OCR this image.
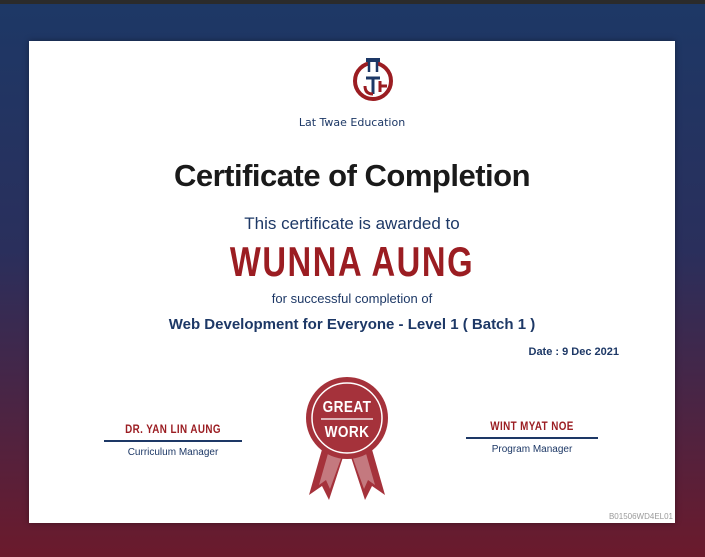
Lat Twae Education
Certificate of Completion
This certificate is awarded to
WUNNA AUNG
for successful completion of
Web Development for Everyone - Level 1 ( Batch 1 )
Date : 9 Dec 2021
DR. YAN LIN AUNG
Curriculum Manager
GREAT
WORK	WINT MYAT NOE
Program Manager
B01506WD4EL01
